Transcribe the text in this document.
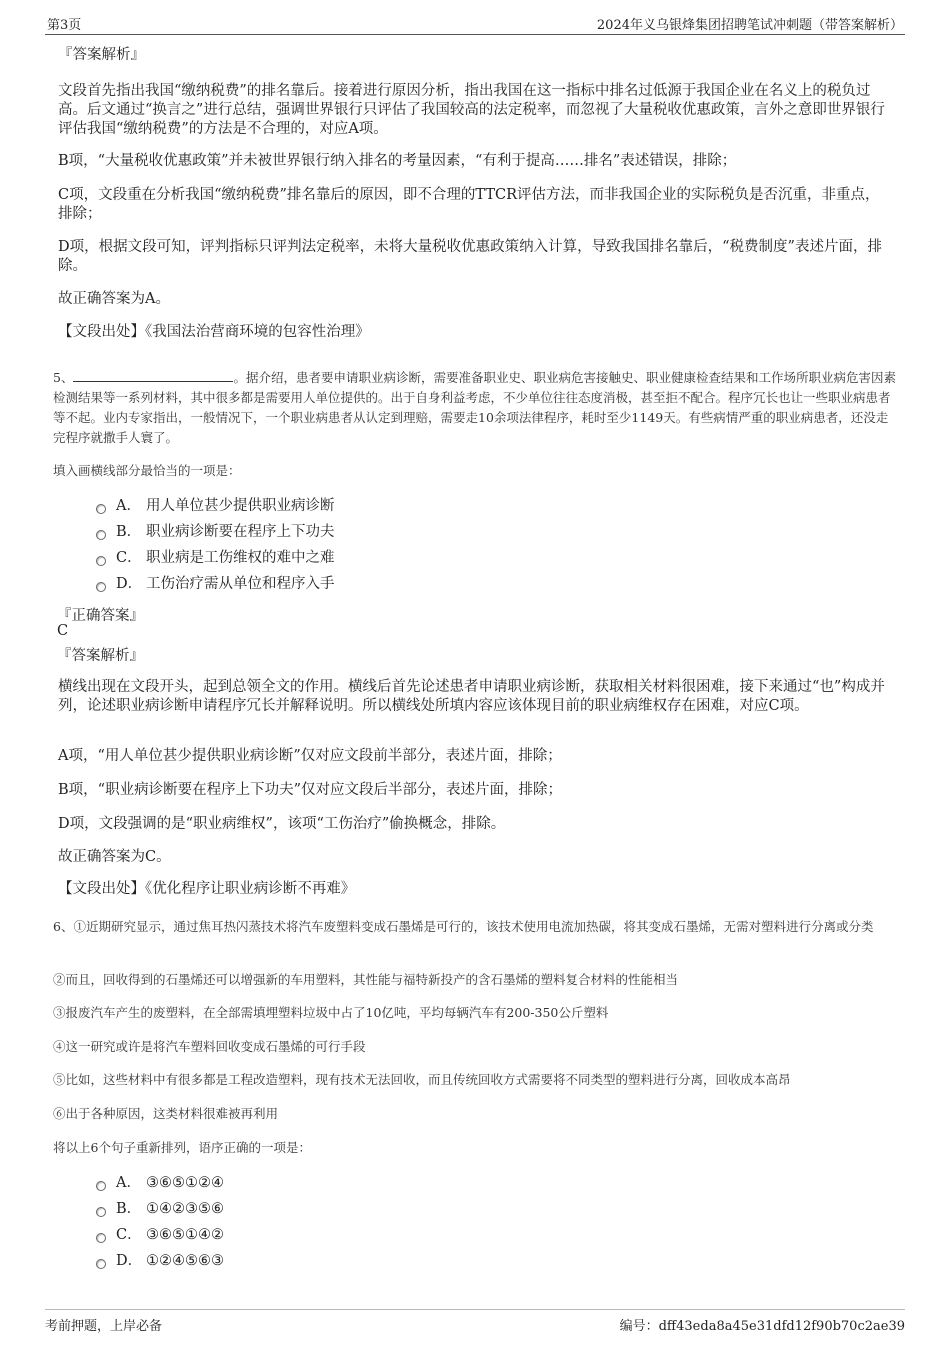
第3页	2024年义乌银烽集团招聘笔试冲刺题（带答案解析）
『答案解析』
文段首先指出我国“缴纳税费”的排名靠后。接着进行原因分析，指出我国在这一指标中排名过低源于我国企业在名义上的税负过高。后文通过“换言之”进行总结，强调世界银行只评估了我国较高的法定税率，而忽视了大量税收优惠政策，言外之意即世界银行评估我国“缴纳税费”的方法是不合理的，对应A项。
B项，“大量税收优惠政策”并未被世界银行纳入排名的考量因素，“有利于提高……排名”表述错误，排除；
C项，文段重在分析我国“缴纳税费”排名靠后的原因，即不合理的TTCR评估方法，而非我国企业的实际税负是否沉重，非重点，排除；
D项，根据文段可知，评判指标只评判法定税率，未将大量税收优惠政策纳入计算，导致我国排名靠后，“税费制度”表述片面，排除。
故正确答案为A。
【文段出处】《我国法治营商环境的包容性治理》
5、	。据介绍，患者要申请职业病诊断，需要准备职业史、职业病危害接触史、职业健康检查结果和工作场所职业病危害因素检测结果等一系列材料，其中很多都是需要用人单位提供的。出于自身利益考虑，不少单位往往态度消极，甚至拒不配合。程序冗长也让一些职业病患者等不起。业内专家指出，一般情况下，一个职业病患者从认定到理赔，需要走10余项法律程序，耗时至少1149天。有些病情严重的职业病患者，还没走完程序就撒手人寰了。
填入画横线部分最恰当的一项是：
A． 用人单位甚少提供职业病诊断
B． 职业病诊断要在程序上下功夫
C． 职业病是工伤维权的难中之难
D． 工伤治疗需从单位和程序入手
『正确答案』
C
『答案解析』
横线出现在文段开头，起到总领全文的作用。横线后首先论述患者申请职业病诊断，获取相关材料很困难，接下来通过“也”构成并列，论述职业病诊断申请程序冗长并解释说明。所以横线处所填内容应该体现目前的职业病维权存在困难，对应C项。
A项，“用人单位甚少提供职业病诊断”仅对应文段前半部分，表述片面，排除；
B项，“职业病诊断要在程序上下功夫”仅对应文段后半部分，表述片面，排除；
D项，文段强调的是“职业病维权”，该项“工伤治疗”偷换概念，排除。
故正确答案为C。
【文段出处】《优化程序让职业病诊断不再难》
6、①近期研究显示，通过焦耳热闪蒸技术将汽车废塑料变成石墨烯是可行的，该技术使用电流加热碳，将其变成石墨烯，无需对塑料进行分离或分类
②而且，回收得到的石墨烯还可以增强新的车用塑料，其性能与福特新投产的含石墨烯的塑料复合材料的性能相当
③报废汽车产生的废塑料，在全部需填埋塑料垃圾中占了10亿吨，平均每辆汽车有200-350公斤塑料
④这一研究或许是将汽车塑料回收变成石墨烯的可行手段
⑤比如，这些材料中有很多都是工程改造塑料，现有技术无法回收，而且传统回收方式需要将不同类型的塑料进行分离，回收成本高昂
⑥出于各种原因，这类材料很难被再利用
将以上6个句子重新排列，语序正确的一项是：
A． ③⑥⑤①②④
B． ①④②③⑤⑥
C． ③⑥⑤①④②
D． ①②④⑤⑥③
考前押题，上岸必备	编号：dff43eda8a45e31dfd12f90b70c2ae39
